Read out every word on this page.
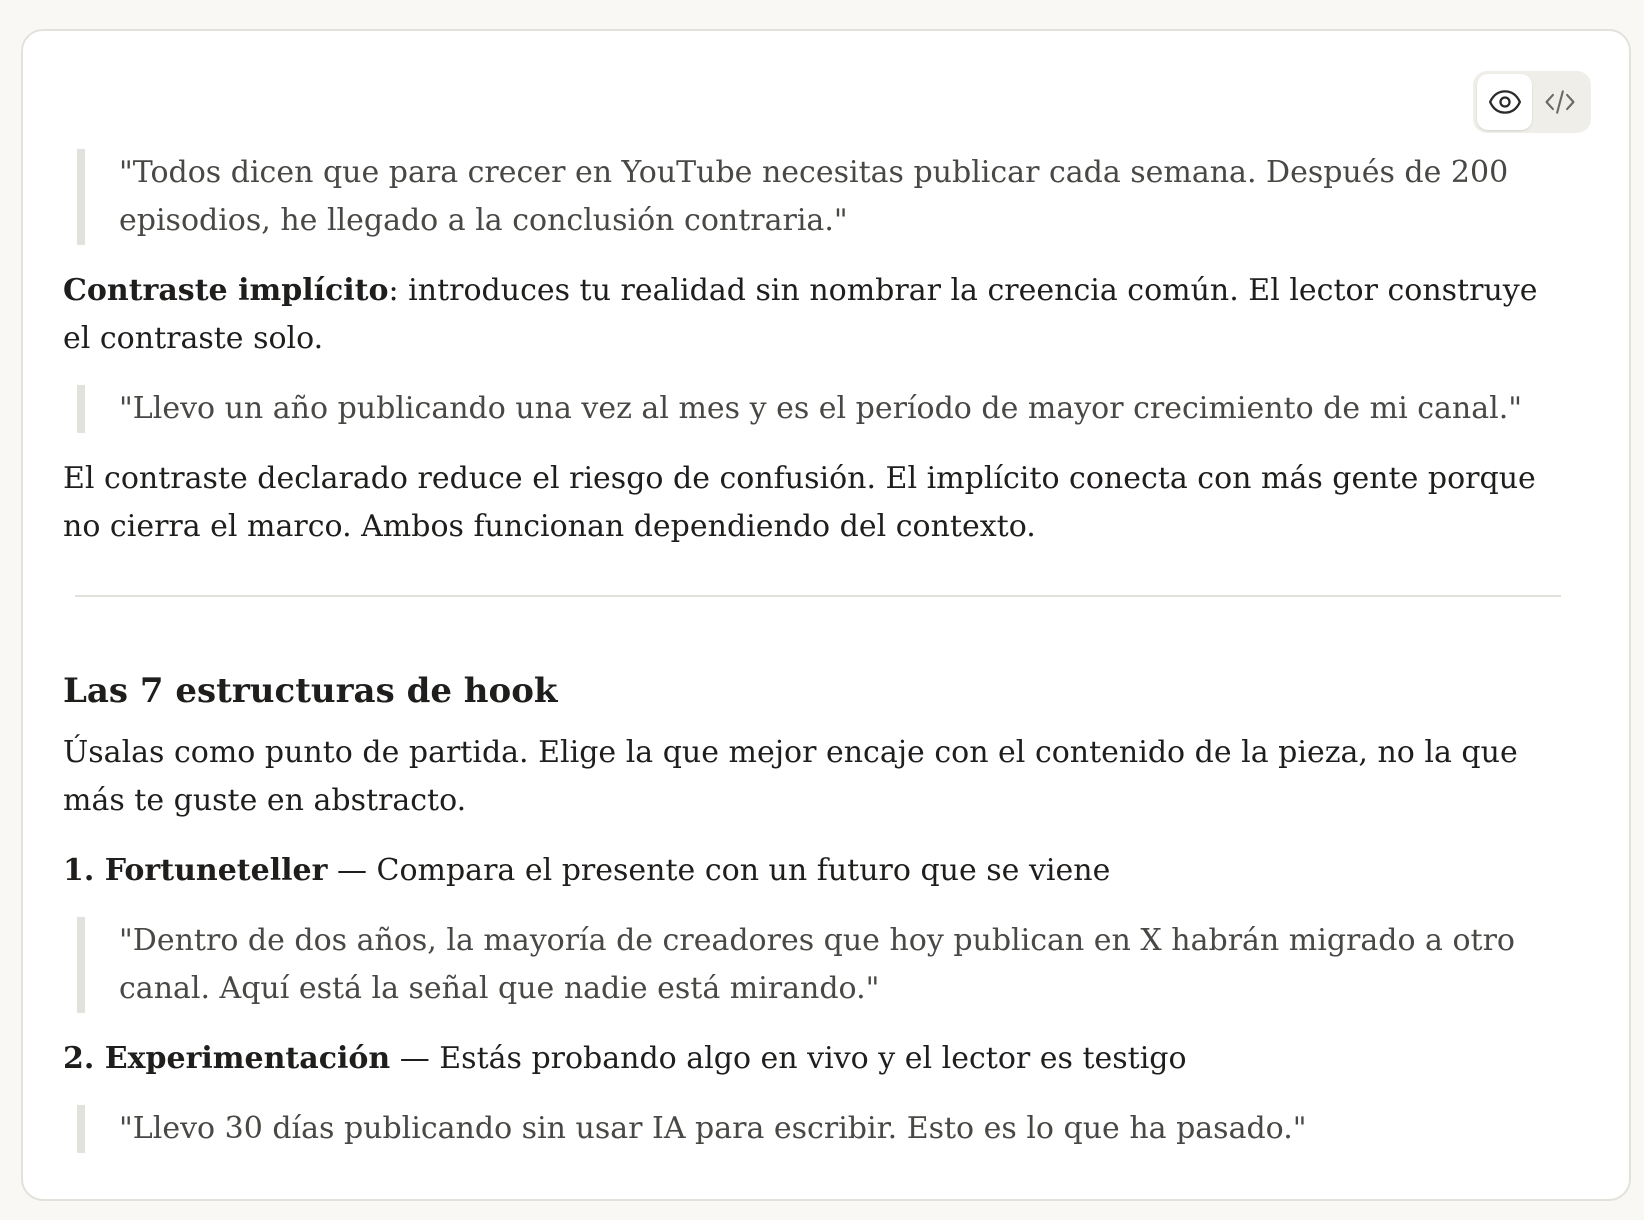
"Todos dicen que para crecer en YouTube necesitas publicar cada semana. Después de 200 episodios, he llegado a la conclusión contraria."
Contraste implícito: introduces tu realidad sin nombrar la creencia común. El lector construye el contraste solo.
"Llevo un año publicando una vez al mes y es el período de mayor crecimiento de mi canal."
El contraste declarado reduce el riesgo de confusión. El implícito conecta con más gente porque no cierra el marco. Ambos funcionan dependiendo del contexto.
Las 7 estructuras de hook
Úsalas como punto de partida. Elige la que mejor encaje con el contenido de la pieza, no la que más te guste en abstracto.
1. Fortuneteller — Compara el presente con un futuro que se viene
"Dentro de dos años, la mayoría de creadores que hoy publican en X habrán migrado a otro canal. Aquí está la señal que nadie está mirando."
2. Experimentación — Estás probando algo en vivo y el lector es testigo
"Llevo 30 días publicando sin usar IA para escribir. Esto es lo que ha pasado."
